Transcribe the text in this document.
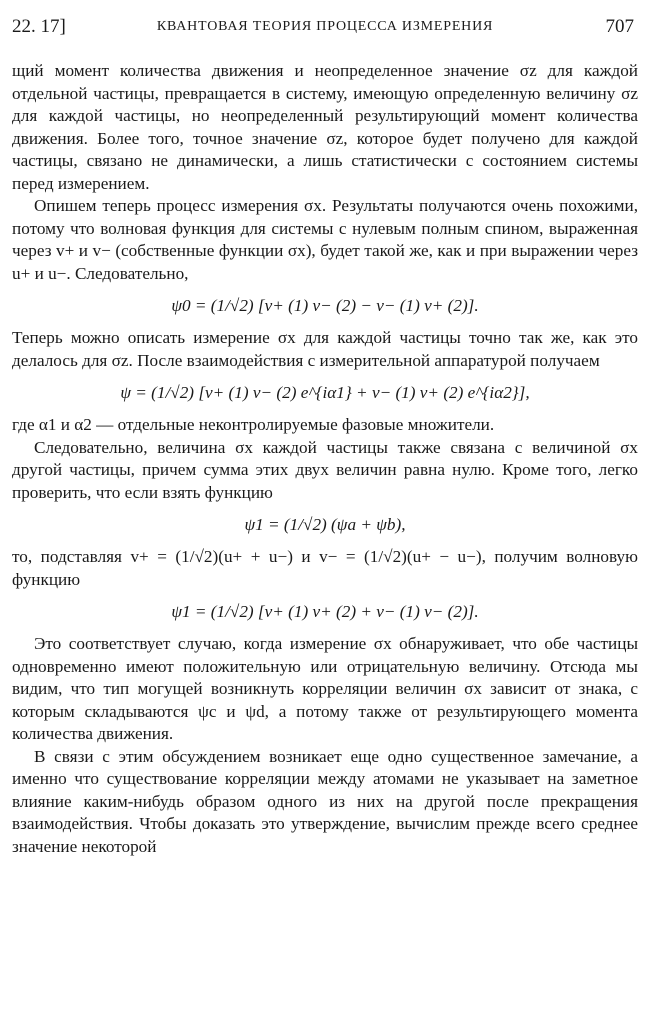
22. 17]	КВАНТОВАЯ ТЕОРИЯ ПРОЦЕССА ИЗМЕРЕНИЯ	707

щий момент количества движения и неопределенное значение σz для каждой отдельной частицы, превращается в систему, имеющую определенную величину σz для каждой частицы, но неопределенный результирующий момент количества движения. Более того, точное значение σz, которое будет получено для каждой частицы, связано не динамически, а лишь статистически с состоянием системы перед измерением.

Опишем теперь процесс измерения σx. Результаты получаются очень похожими, потому что волновая функция для системы с нулевым полным спином, выраженная через v+ и v− (собственные функции σx), будет такой же, как и при выражении через u+ и u−. Следовательно,

ψ0 = (1/√2) [v+ (1) v− (2) − v− (1) v+ (2)].

Теперь можно описать измерение σx для каждой частицы точно так же, как это делалось для σz. После взаимодействия с измерительной аппаратурой получаем

ψ = (1/√2) [v+ (1) v− (2) e^{iα1} + v− (1) v+ (2) e^{iα2}],

где α1 и α2 — отдельные неконтролируемые фазовые множители.

Следовательно, величина σx каждой частицы также связана с величиной σx другой частицы, причем сумма этих двух величин равна нулю. Кроме того, легко проверить, что если взять функцию

ψ1 = (1/√2) (ψa + ψb),

то, подставляя v+ = (1/√2)(u+ + u−) и v− = (1/√2)(u+ − u−), получим волновую функцию

ψ1 = (1/√2) [v+ (1) v+ (2) + v− (1) v− (2)].

Это соответствует случаю, когда измерение σx обнаруживает, что обе частицы одновременно имеют положительную или отрицательную величину. Отсюда мы видим, что тип могущей возникнуть корреляции величин σx зависит от знака, с которым складываются ψc и ψd, а потому также от результирующего момента количества движения.

В связи с этим обсуждением возникает еще одно существенное замечание, а именно что существование корреляции между атомами не указывает на заметное влияние каким-нибудь образом одного из них на другой после прекращения взаимодействия. Чтобы доказать это утверждение, вычислим прежде всего среднее значение некоторой
